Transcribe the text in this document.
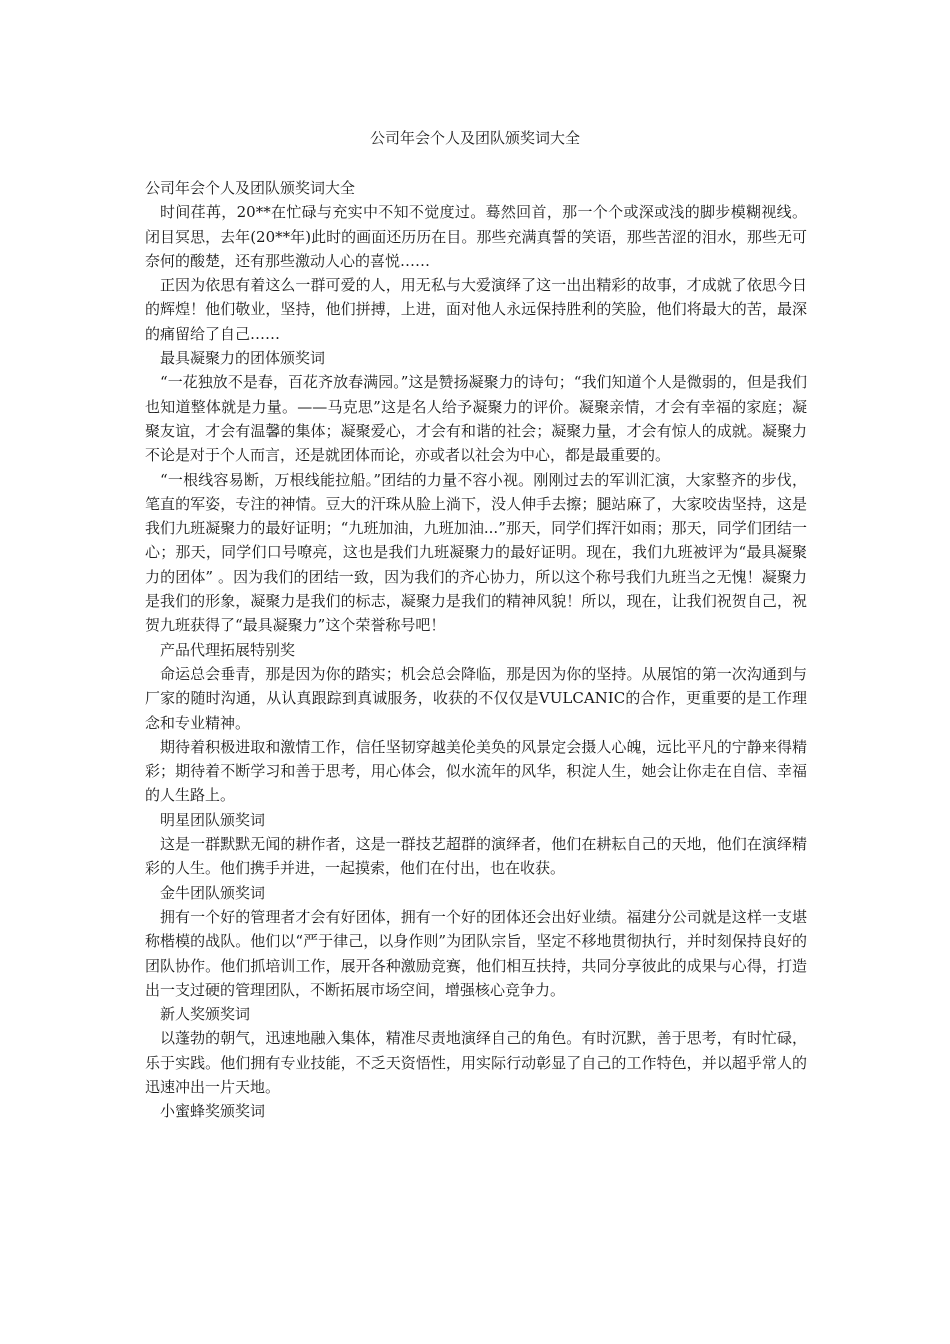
公司年会个人及团队颁奖词大全

公司年会个人及团队颁奖词大全

时间荏苒，20**在忙碌与充实中不知不觉度过。蓦然回首，那一个个或深或浅的脚步模糊视线。闭目冥思，去年(20**年)此时的画面还历历在目。那些充满真誓的笑语，那些苦涩的泪水，那些无可奈何的酸楚，还有那些激动人心的喜悦……

正因为依思有着这么一群可爱的人，用无私与大爱演绎了这一出出精彩的故事，才成就了依思今日的辉煌！他们敬业，坚持，他们拼搏，上进，面对他人永远保持胜利的笑脸，他们将最大的苦，最深的痛留给了自己……

最具凝聚力的团体颁奖词

“一花独放不是春，百花齐放春满园。”这是赞扬凝聚力的诗句；“我们知道个人是微弱的，但是我们也知道整体就是力量。——马克思”这是名人给予凝聚力的评价。凝聚亲情，才会有幸福的家庭；凝聚友谊，才会有温馨的集体；凝聚爱心，才会有和谐的社会；凝聚力量，才会有惊人的成就。凝聚力不论是对于个人而言，还是就团体而论，亦或者以社会为中心，都是最重要的。

“一根线容易断，万根线能拉船。”团结的力量不容小视。刚刚过去的军训汇演，大家整齐的步伐，笔直的军姿，专注的神情。豆大的汗珠从脸上淌下，没人伸手去擦；腿站麻了，大家咬齿坚持，这是我们九班凝聚力的最好证明；“九班加油，九班加油...”那天，同学们挥汗如雨；那天，同学们团结一心；那天，同学们口号嘹亮，这也是我们九班凝聚力的最好证明。现在，我们九班被评为“最具凝聚力的团体” 。因为我们的团结一致，因为我们的齐心协力，所以这个称号我们九班当之无愧！凝聚力是我们的形象，凝聚力是我们的标志，凝聚力是我们的精神风貌！所以，现在，让我们祝贺自己，祝贺九班获得了“最具凝聚力”这个荣誉称号吧！

产品代理拓展特别奖

命运总会垂青，那是因为你的踏实；机会总会降临，那是因为你的坚持。从展馆的第一次沟通到与厂家的随时沟通，从认真跟踪到真诚服务，收获的不仅仅是VULCANIC的合作，更重要的是工作理念和专业精神。

期待着积极进取和激情工作，信任坚韧穿越美伦美奂的风景定会摄人心魄，远比平凡的宁静来得精彩；期待着不断学习和善于思考，用心体会，似水流年的风华，积淀人生，她会让你走在自信、幸福的人生路上。

明星团队颁奖词

这是一群默默无闻的耕作者，这是一群技艺超群的演绎者，他们在耕耘自己的天地，他们在演绎精彩的人生。他们携手并进，一起摸索，他们在付出，也在收获。

金牛团队颁奖词

拥有一个好的管理者才会有好团体，拥有一个好的团体还会出好业绩。福建分公司就是这样一支堪称楷模的战队。他们以“严于律己，以身作则”为团队宗旨，坚定不移地贯彻执行，并时刻保持良好的团队协作。他们抓培训工作，展开各种激励竞赛，他们相互扶持，共同分享彼此的成果与心得，打造出一支过硬的管理团队，不断拓展市场空间，增强核心竞争力。

新人奖颁奖词

以蓬勃的朝气，迅速地融入集体，精准尽责地演绎自己的角色。有时沉默，善于思考，有时忙碌，乐于实践。他们拥有专业技能，不乏天资悟性，用实际行动彰显了自己的工作特色，并以超乎常人的迅速冲出一片天地。

小蜜蜂奖颁奖词
